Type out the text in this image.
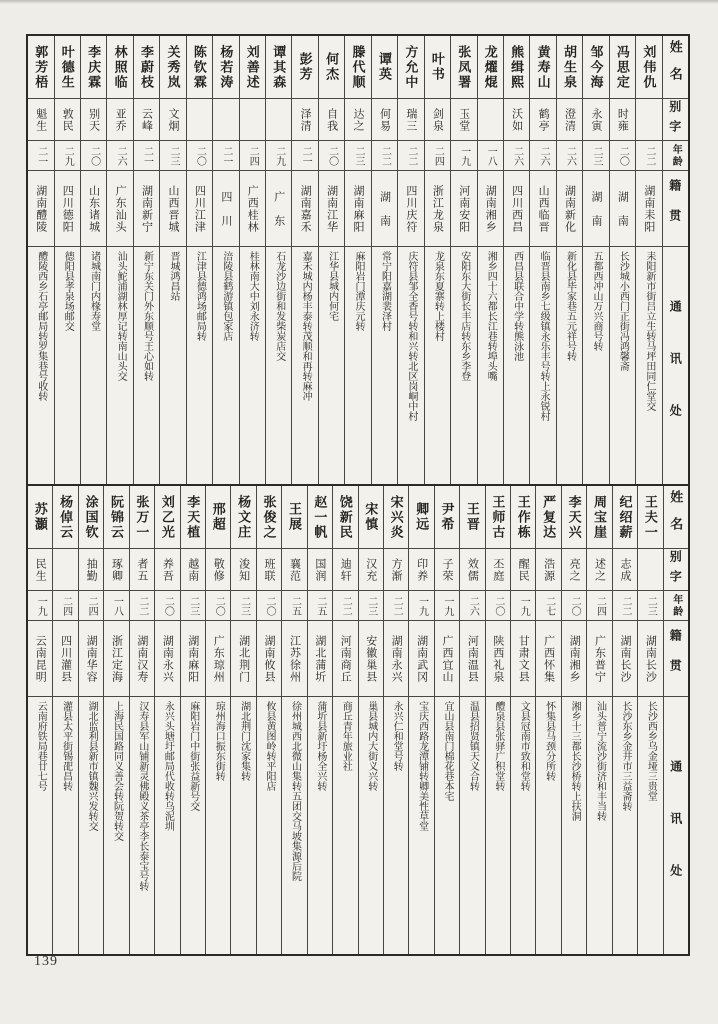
姓名
别字
年龄
籍贯
通讯处
刘伟仇
二二
湖南耒阳
耒阳新市街吕立生转马坪田同仁堂交
冯思定
时雍
二〇
湖　南
长沙城小西门正街冯鸿馨斋
邹今海
永寅
二三
湖　南
五都西冲山万兴商号转
胡生泉
澄清
二六
湖南新化
新化县毕家巷五元祥号转
黄寿山
鹤亭
二六
山西临晋
临晋县南乡七级镇永乐丰号转上永锐村
熊缉熙
沃如
二六
四川西昌
西昌县联合中学转熊泳池
龙燿焜
一八
湖南湘乡
湘乡四十六都长江巷转埠头嘴
张凤署
玉堂
一九
河南安阳
安阳东大街长丰店转东乡李登
叶书
剑泉
二四
浙江龙泉
龙泉东夏寨转上楼村
方允中
瑞三
二二
四川庆符
庆符县邹全香号转和兴转北区岗峒中村
谭英
何易
二二
湖　南
常宁阳嘉湖裴泽村
滕代顺
达之
二三
湖南麻阳
麻阳岩门潭庆元转
何杰
自我
二〇
湖南江华
江华县城内何宅
彭芳
泽清
二一
湖南嘉禾
嘉禾城内杨丰泰转茂顺和再转麻冲
谭其森
二九
广　东
石龙沙边街和发柴炭店交
刘善述
二四
广西桂林
桂林南大中刘永济转
杨若涛
二一
四　川
涪陵县鹤游镇包家店
陈钦霖
二〇
四川江津
江津县德鸿场邮局转
关秀岚
文炯
二三
山西晋城
晋城鸿昌站
李蔚枝
云峰
二一
湖南新宁
新宁东关门外东顺号王心如转
林照临
亚乔
二六
广东汕头
汕头鮀浦湖林厚记转南山头交
李庆霖
别天
二〇
山东诸城
诸城南门内椽寿堂
叶德生
敦民
二九
四川德阳
德阳县孝泉场邮交
郭芳梧
魁生
二一
湖南醴陵
醴陵西乡石亭邮局转罗集巷号收转
姓名
别字
年龄
籍贯
通讯处
王夫一
二三
湖南长沙
长沙西乡乌金垭三贵堂
纪绍薪
志成
二二
湖南长沙
长沙东乡金井市三益斋转
周宝崖
述之
二四
广东普宁
汕头普宁流沙街济和丰当转
李天兴
亮之
二〇
湖南湘乡
湘乡十三都长沙桥转上扶洞
严复达
浩源
二七
广西怀集
怀集县马颈分所转
王作栋
醒民
一九
甘肃文县
文县冠南市致和堂转
王师古
丕庭
二〇
陕西礼泉
醴泉县张驿广积堂转
王晋
效儒
二六
河南温县
温县招贤镇天义合转
尹希
子荣
一九
广西宜山
宜山县南门棉花巷本宅
卿远
印养
一九
湖南武冈
宝庆西路龙潭铺转卿美性草堂
宋兴炎
方渐
二二
湖南永兴
永兴仁和堂号转
宋慎
汉充
二三
安徽巢县
巢县城内大街义兴转
饶新民
迪轩
二二
河南商丘
商丘青年旅业社
赵一帆
国润
二五
湖北蒲圻
蒲圻县新圩杨全兴转
王展
襄范
二五
江苏徐州
徐州城西北微山集转五团交马坡集源后院
张俊之
班联
二〇
湖南攸县
攸县黄图岭转平阳店
杨文庄
浚知
二三
湖北荆门
湖北荆门沈家集转
邢超
敬修
二〇
广东琼州
琼州海口振东街转
李天植
越南
二三
湖南麻阳
麻阳岩门中街张益新号交
刘乙光
养吾
二〇
湖南永兴
永兴头塘圩邮局代收转乌泥圳
张万一
者五
二二
湖南汉寿
汉寿县军山铺新灵佛殿义茶亭李长泰宝号转
阮锦云
琢卿
一八
浙江定海
上海民国路同义善会转阮贺转交
涂国钦
抽勤
二四
湖南华容
湖北监利县新市镇魏兴发转交
杨倬云
二四
四川灌县
灌县太平街锡巶昌转
苏灝
民生
一九
云南昆明
云南府铁局巷廿七号
139
